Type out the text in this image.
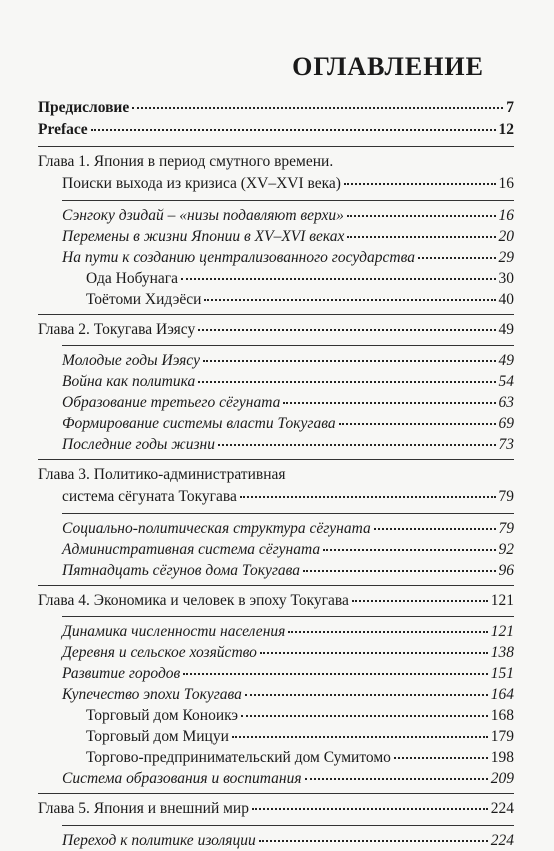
ОГЛАВЛЕНИЕ
Предисловие	7
Preface	12
Глава 1. Япония в период смутного времени.
Поиски выхода из кризиса (XV–XVI века)	16
Сэнгоку дзидай – «низы подавляют верхи»	16
Перемены в жизни Японии в XV–XVI веках	20
На пути к созданию централизованного государства	29
Ода Нобунага	30
Тоётоми Хидэёси	40
Глава 2. Токугава Иэясу	49
Молодые годы Иэясу	49
Война как политика	54
Образование третьего сёгуната	63
Формирование системы власти Токугава	69
Последние годы жизни	73
Глава 3. Политико-административная
система сёгуната Токугава	79
Социально-политическая структура сёгуната	79
Административная система сёгуната	92
Пятнадцать сёгунов дома Токугава	96
Глава 4. Экономика и человек в эпоху Токугава	121
Динамика численности населения	121
Деревня и сельское хозяйство	138
Развитие городов	151
Купечество эпохи Токугава	164
Торговый дом Коноикэ	168
Торговый дом Мицуи	179
Торгово-предпринимательский дом Сумитомо	198
Система образования и воспитания	209
Глава 5. Япония и внешний мир	224
Переход к политике изоляции	224
